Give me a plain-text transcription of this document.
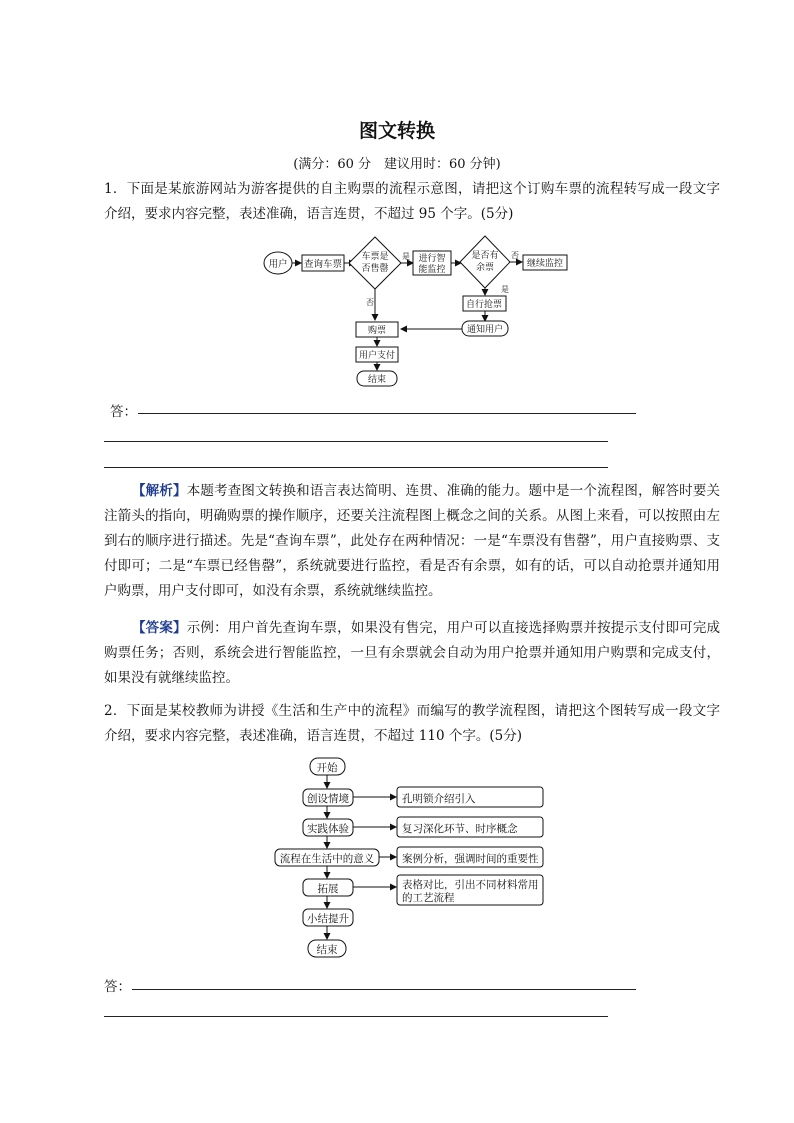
图文转换
(满分：60 分　建议用时：60 分钟)
1．下面是某旅游网站为游客提供的自主购票的流程示意图，请把这个订购车票的流程转写成一段文字介绍，要求内容完整，表述准确，语言连贯，不超过 95 个字。(5分)
用户 查询车票
车票是
否售罄
是 进行智
能监控
是否有
余票
否
继续监控
是
自行抢票
否
通知用户
购票
用户支付
结束
答：
【解析】本题考查图文转换和语言表达简明、连贯、准确的能力。题中是一个流程图，解答时要关注箭头的指向，明确购票的操作顺序，还要关注流程图上概念之间的关系。从图上来看，可以按照由左到右的顺序进行描述。先是“查询车票”，此处存在两种情况：一是“车票没有售罄”，用户直接购票、支付即可；二是“车票已经售罄”，系统就要进行监控，看是否有余票，如有的话，可以自动抢票并通知用户购票，用户支付即可，如没有余票，系统就继续监控。
【答案】示例：用户首先查询车票，如果没有售完，用户可以直接选择购票并按提示支付即可完成购票任务；否则，系统会进行智能监控，一旦有余票就会自动为用户抢票并通知用户购票和完成支付，如果没有就继续监控。
2．下面是某校教师为讲授《生活和生产中的流程》而编写的教学流程图，请把这个图转写成一段文字介绍，要求内容完整，表述准确，语言连贯，不超过 110 个字。(5分)
开始
创设情境	孔明锁介绍引入
实践体验	复习深化环节、时序概念
流程在生活中的意义	案例分析，强调时间的重要性
拓展	表格对比，引出不同材料常用
的工艺流程
小结提升
结束
答：
